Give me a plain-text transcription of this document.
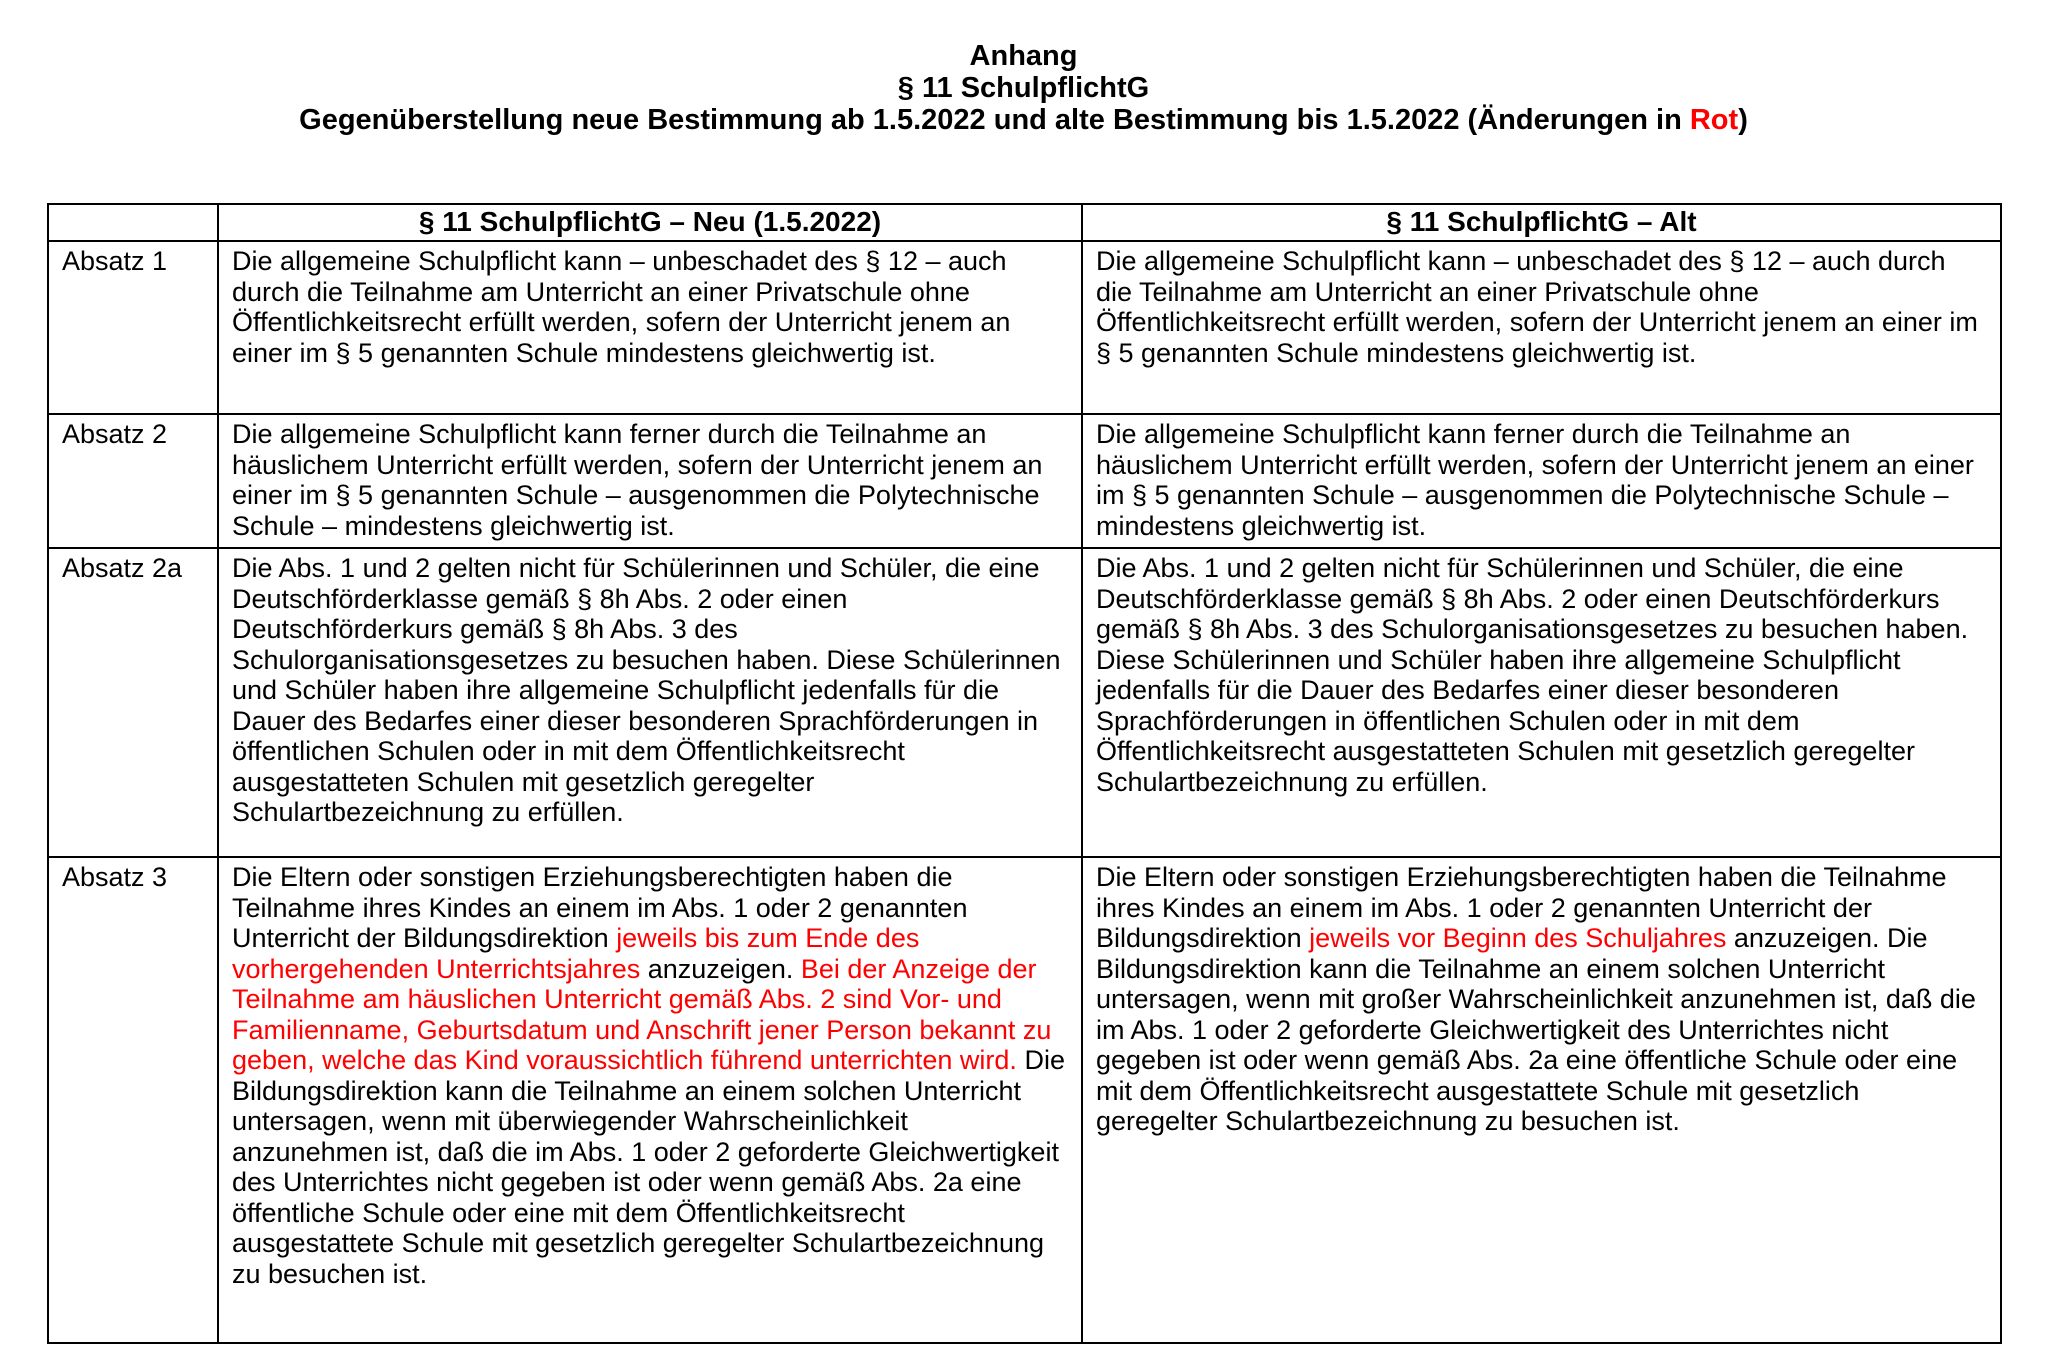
Anhang
§ 11 SchulpflichtG
Gegenüberstellung neue Bestimmung ab 1.5.2022 und alte Bestimmung bis 1.5.2022 (Änderungen in Rot)
	§ 11 SchulpflichtG – Neu (1.5.2022)	§ 11 SchulpflichtG – Alt
Absatz 1	Die allgemeine Schulpflicht kann – unbeschadet des § 12 – auch durch die Teilnahme am Unterricht an einer Privatschule ohne Öffentlichkeitsrecht erfüllt werden, sofern der Unterricht jenem an einer im § 5 genannten Schule mindestens gleichwertig ist.	Die allgemeine Schulpflicht kann – unbeschadet des § 12 – auch durch die Teilnahme am Unterricht an einer Privatschule ohne Öffentlichkeitsrecht erfüllt werden, sofern der Unterricht jenem an einer im § 5 genannten Schule mindestens gleichwertig ist.
Absatz 2	Die allgemeine Schulpflicht kann ferner durch die Teilnahme an häuslichem Unterricht erfüllt werden, sofern der Unterricht jenem an einer im § 5 genannten Schule – ausgenommen die Polytechnische Schule – mindestens gleichwertig ist.	Die allgemeine Schulpflicht kann ferner durch die Teilnahme an häuslichem Unterricht erfüllt werden, sofern der Unterricht jenem an einer im § 5 genannten Schule – ausgenommen die Polytechnische Schule – mindestens gleichwertig ist.
Absatz 2a	Die Abs. 1 und 2 gelten nicht für Schülerinnen und Schüler, die eine Deutschförderklasse gemäß § 8h Abs. 2 oder einen Deutschförderkurs gemäß § 8h Abs. 3 des Schulorganisationsgesetzes zu besuchen haben. Diese Schülerinnen und Schüler haben ihre allgemeine Schulpflicht jedenfalls für die Dauer des Bedarfes einer dieser besonderen Sprachförderungen in öffentlichen Schulen oder in mit dem Öffentlichkeitsrecht ausgestatteten Schulen mit gesetzlich geregelter Schulartbezeichnung zu erfüllen.	Die Abs. 1 und 2 gelten nicht für Schülerinnen und Schüler, die eine Deutschförderklasse gemäß § 8h Abs. 2 oder einen Deutschförderkurs gemäß § 8h Abs. 3 des Schulorganisationsgesetzes zu besuchen haben. Diese Schülerinnen und Schüler haben ihre allgemeine Schulpflicht jedenfalls für die Dauer des Bedarfes einer dieser besonderen Sprachförderungen in öffentlichen Schulen oder in mit dem Öffentlichkeitsrecht ausgestatteten Schulen mit gesetzlich geregelter Schulartbezeichnung zu erfüllen.
Absatz 3	Die Eltern oder sonstigen Erziehungsberechtigten haben die Teilnahme ihres Kindes an einem im Abs. 1 oder 2 genannten Unterricht der Bildungsdirektion jeweils bis zum Ende des vorhergehenden Unterrichtsjahres anzuzeigen. Bei der Anzeige der Teilnahme am häuslichen Unterricht gemäß Abs. 2 sind Vor- und Familienname, Geburtsdatum und Anschrift jener Person bekannt zu geben, welche das Kind voraussichtlich führend unterrichten wird. Die Bildungsdirektion kann die Teilnahme an einem solchen Unterricht untersagen, wenn mit überwiegender Wahrscheinlichkeit anzunehmen ist, daß die im Abs. 1 oder 2 geforderte Gleichwertigkeit des Unterrichtes nicht gegeben ist oder wenn gemäß Abs. 2a eine öffentliche Schule oder eine mit dem Öffentlichkeitsrecht ausgestattete Schule mit gesetzlich geregelter Schulartbezeichnung zu besuchen ist.	Die Eltern oder sonstigen Erziehungsberechtigten haben die Teilnahme ihres Kindes an einem im Abs. 1 oder 2 genannten Unterricht der Bildungsdirektion jeweils vor Beginn des Schuljahres anzuzeigen. Die Bildungsdirektion kann die Teilnahme an einem solchen Unterricht untersagen, wenn mit großer Wahrscheinlichkeit anzunehmen ist, daß die im Abs. 1 oder 2 geforderte Gleichwertigkeit des Unterrichtes nicht gegeben ist oder wenn gemäß Abs. 2a eine öffentliche Schule oder eine mit dem Öffentlichkeitsrecht ausgestattete Schule mit gesetzlich geregelter Schulartbezeichnung zu besuchen ist.
